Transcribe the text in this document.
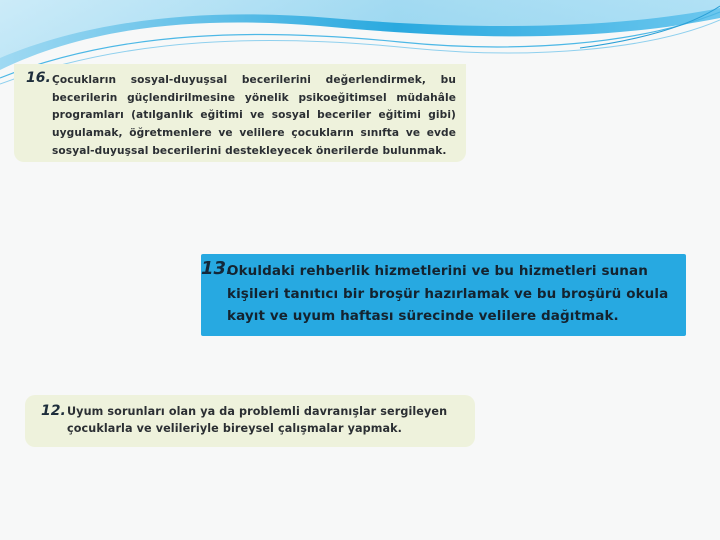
16. Çocukların sosyal-duyuşsal becerilerini değerlendirmek, bu becerilerin güçlendirilmesine yönelik psikoeğitimsel müdahâle programları (atılganlık eğitimi ve sosyal beceriler eğitimi gibi) uygulamak, öğretmenlere ve velilere çocukların sınıfta ve evde sosyal-duyuşsal becerilerini destekleyecek önerilerde bulunmak.
13.
Okuldaki rehberlik hizmetlerini ve bu hizmetleri sunan kişileri tanıtıcı bir broşür hazırlamak ve bu broşürü okula kayıt ve uyum haftası sürecinde velilere dağıtmak.
12. Uyum sorunları olan ya da problemli davranışlar sergileyen çocuklarla ve velileriyle bireysel çalışmalar yapmak.
